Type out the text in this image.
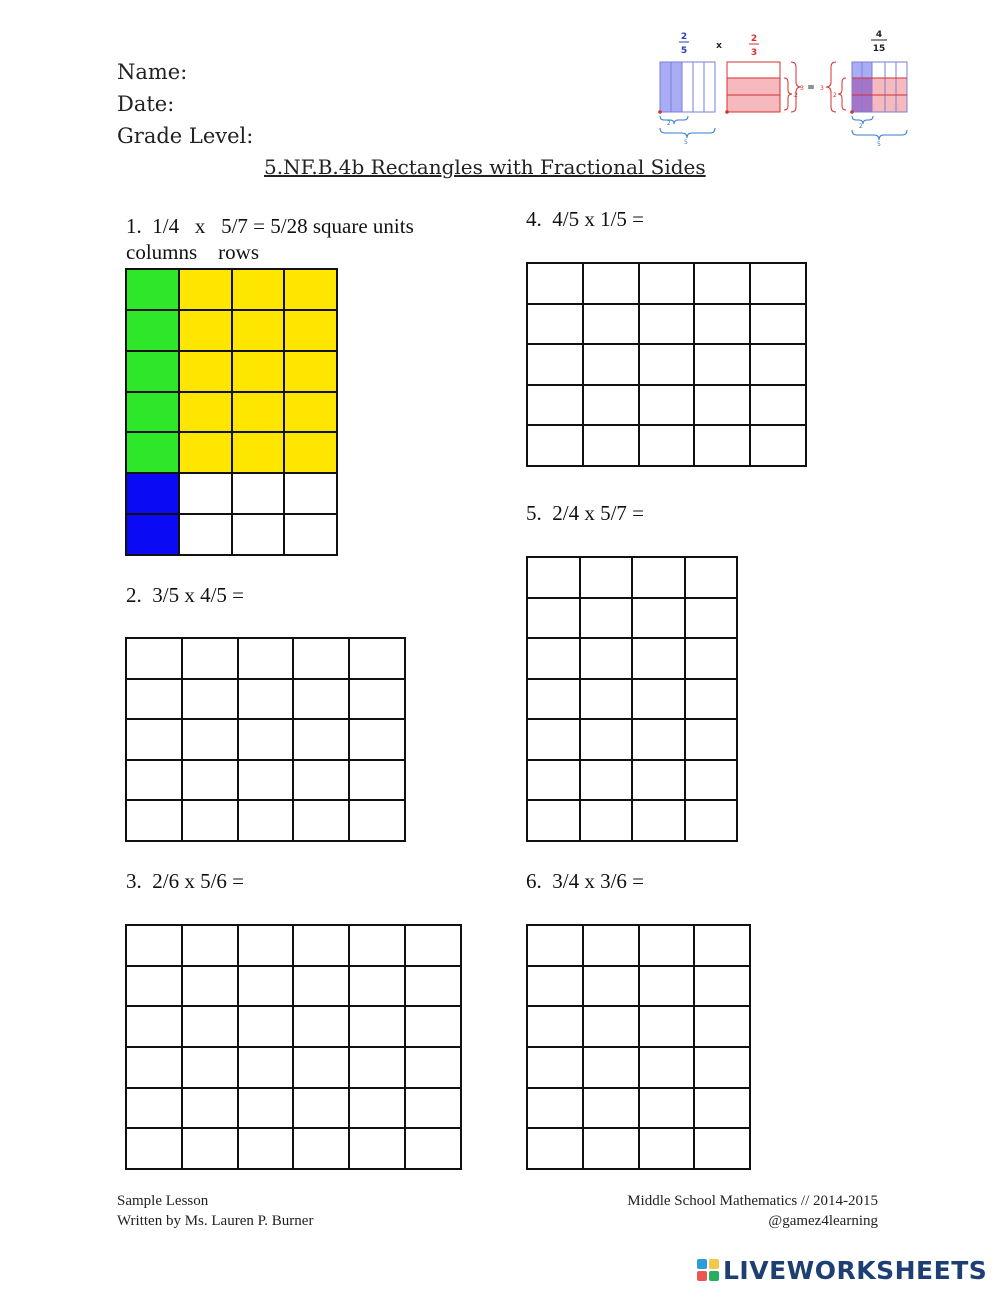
Name:
Date:
Grade Level:
5.NF.B.4b Rectangles with Fractional Sides
2
5	x
2
3
=
4
15
2
5
2
3
2
3
2
5
1.  1/4   x   5/7 = 5/28 square units
columns    rows
2.  3/5 x 4/5 =
3.  2/6 x 5/6 =
4.  4/5 x 1/5 =
5.  2/4 x 5/7 =
6.  3/4 x 3/6 =
Sample Lesson
Written by Ms. Lauren P. Burner
Middle School Mathematics // 2014-2015
@gamez4learning
LIVEWORKSHEETS
